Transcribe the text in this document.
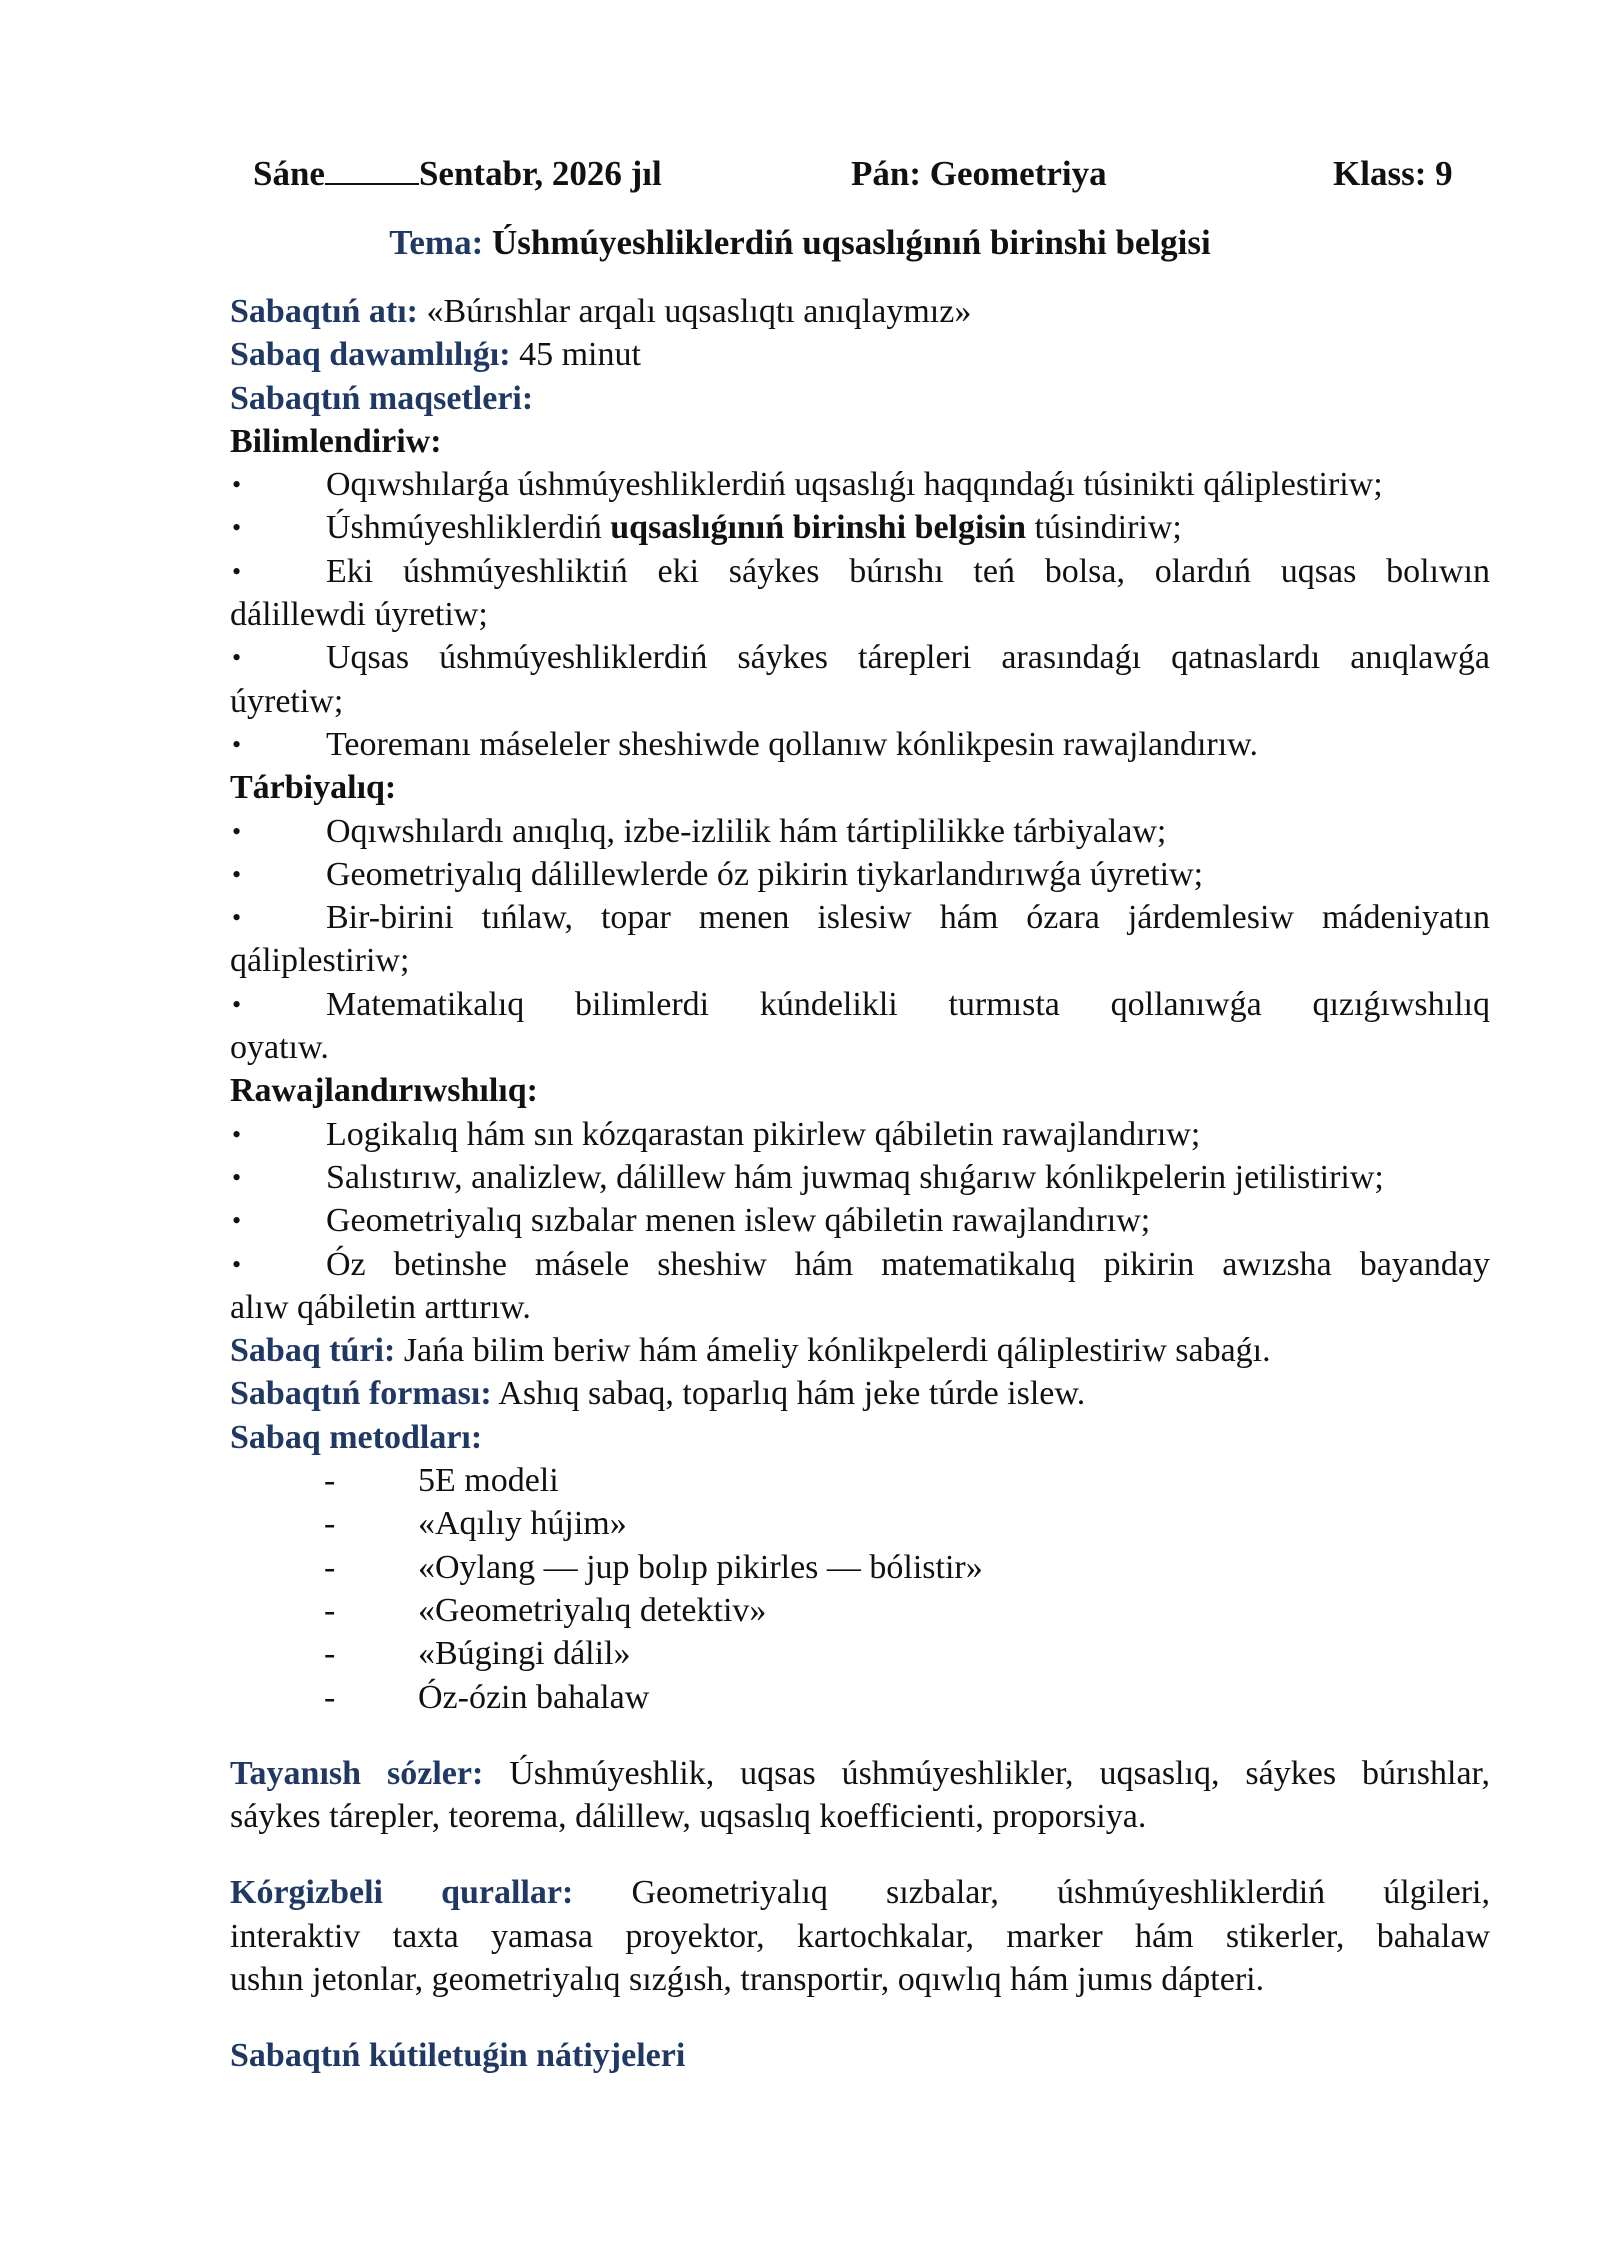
Sáne	Sentabr, 2026 jıl	Pán: Geometriya	Klass: 9
Tema: Úshmúyeshliklerdiń uqsaslıǵınıń birinshi belgisi
Sabaqtıń atı: «Búrıshlar arqalı uqsaslıqtı anıqlaymız»
Sabaq dawamlılıǵı: 45 minut
Sabaqtıń maqsetleri:
Bilimlendiriw:
• Oqıwshılarǵa úshmúyeshliklerdiń uqsaslıǵı haqqındaǵı túsinikti qáliplestiriw;
• Úshmúyeshliklerdiń uqsaslıǵınıń birinshi belgisin túsindiriw;
• Eki úshmúyeshliktiń eki sáykes búrıshı teń bolsa, olardıń uqsas bolıwın
dálillewdi úyretiw;
• Uqsas úshmúyeshliklerdiń sáykes tárepleri arasındaǵı qatnaslardı anıqlawǵa
úyretiw;
• Teoremanı máseleler sheshiwde qollanıw kónlikpesin rawajlandırıw.
Tárbiyalıq:
• Oqıwshılardı anıqlıq, izbe-izlilik hám tártiplilikke tárbiyalaw;
• Geometriyalıq dálillewlerde óz pikirin tiykarlandırıwǵa úyretiw;
• Bir-birini tıńlaw, topar menen islesiw hám ózara járdemlesiw mádeniyatın
qáliplestiriw;
• Matematikalıq bilimlerdi kúndelikli turmısta qollanıwǵa qızıǵıwshılıq
oyatıw.
Rawajlandırıwshılıq:
• Logikalıq hám sın kózqarastan pikirlew qábiletin rawajlandırıw;
• Salıstırıw, analizlew, dálillew hám juwmaq shıǵarıw kónlikpelerin jetilistiriw;
• Geometriyalıq sızbalar menen islew qábiletin rawajlandırıw;
• Óz betinshe másele sheshiw hám matematikalıq pikirin awızsha bayanday
alıw qábiletin arttırıw.
Sabaq túri: Jańa bilim beriw hám ámeliy kónlikpelerdi qáliplestiriw sabaǵı.
Sabaqtıń forması: Ashıq sabaq, toparlıq hám jeke túrde islew.
Sabaq metodları:
- 5E modeli
- «Aqılıy hújim»
- «Oylang — jup bolıp pikirles — bólistir»
- «Geometriyalıq detektiv»
- «Búgingi dálil»
- Óz-ózin bahalaw
Tayanısh sózler: Úshmúyeshlik, uqsas úshmúyeshlikler, uqsaslıq, sáykes búrıshlar,
sáykes tárepler, teorema, dálillew, uqsaslıq koefficienti, proporsiya.
Kórgizbeli qurallar: Geometriyalıq sızbalar, úshmúyeshliklerdiń úlgileri,
interaktiv taxta yamasa proyektor, kartochkalar, marker hám stikerler, bahalaw
ushın jetonlar, geometriyalıq sızǵısh, transportir, oqıwlıq hám jumıs dápteri.
Sabaqtıń kútiletuǵin nátiyjeleri
